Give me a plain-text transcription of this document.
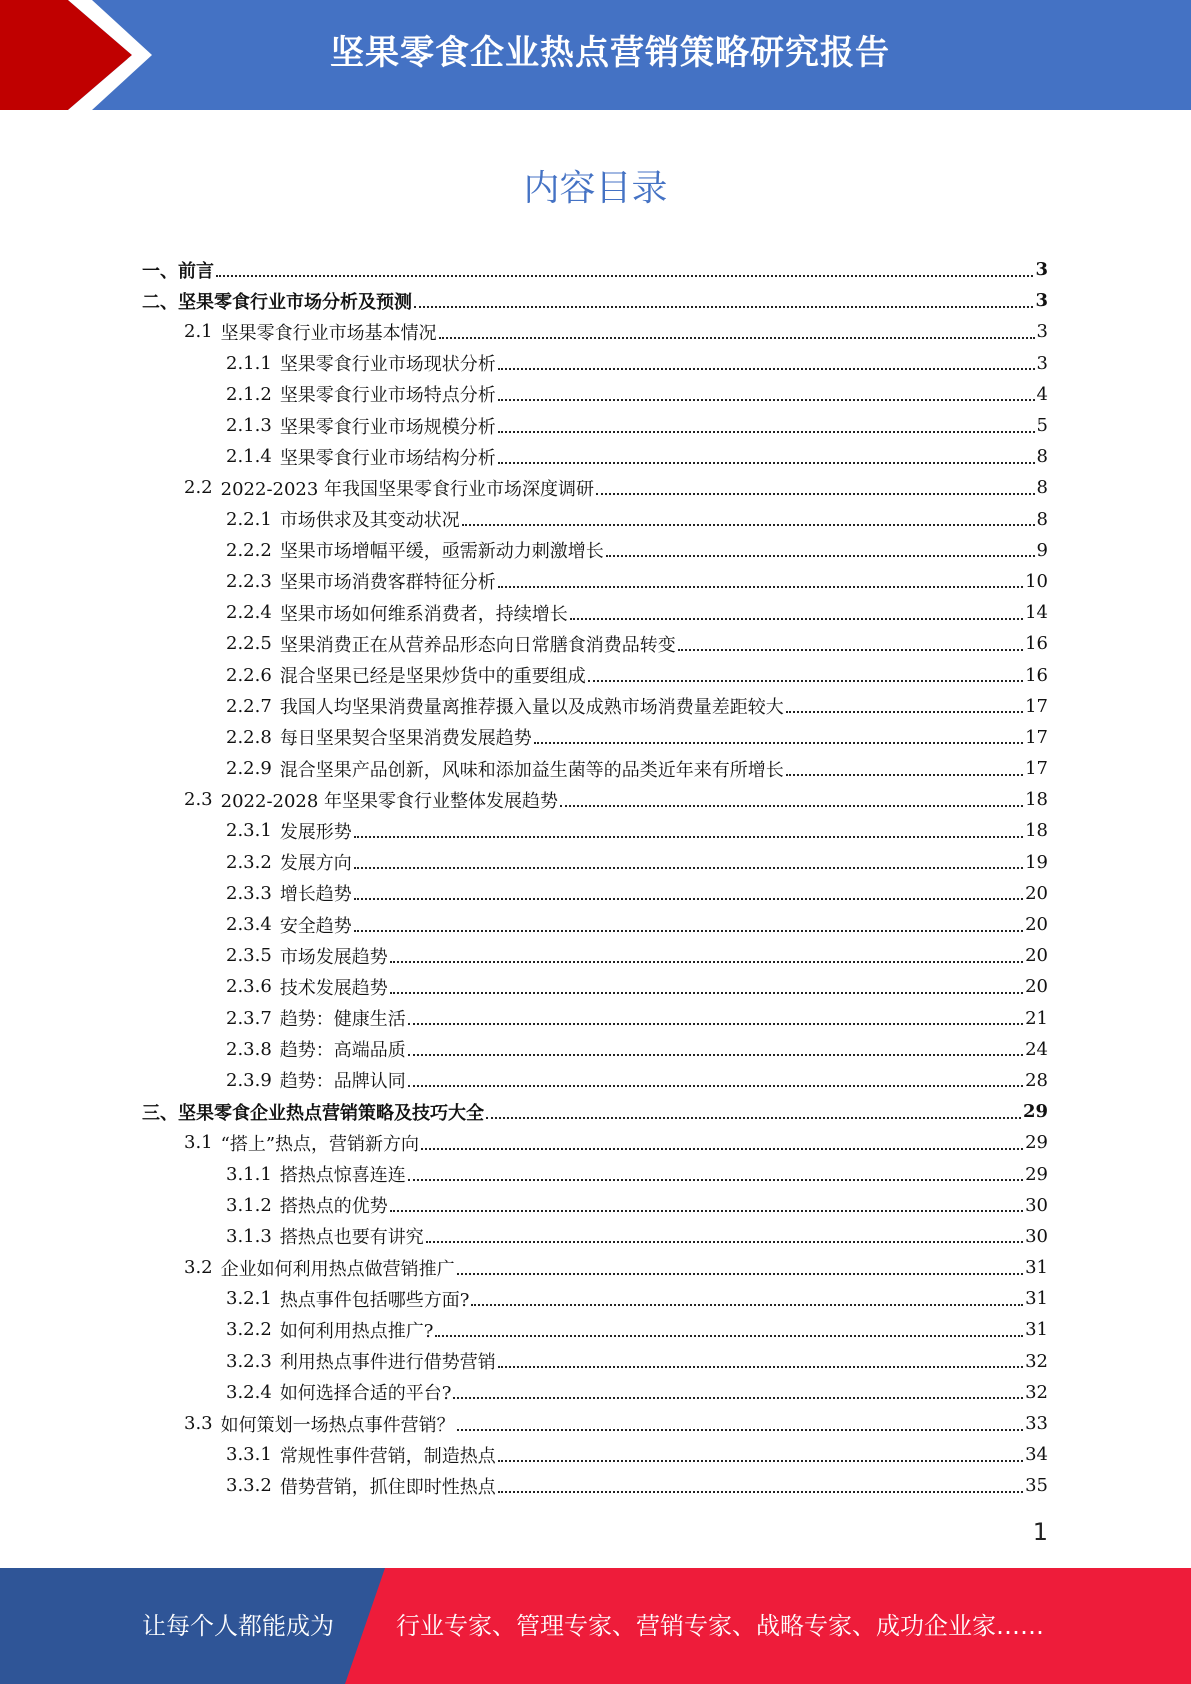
坚果零食企业热点营销策略研究报告
内容目录
一、 前言	3
二、 坚果零食行业市场分析及预测	3
2.1 坚果零食行业市场基本情况	3
2.1.1 坚果零食行业市场现状分析	3
2.1.2 坚果零食行业市场特点分析	4
2.1.3 坚果零食行业市场规模分析	5
2.1.4 坚果零食行业市场结构分析	8
2.2 2022-2023 年我国坚果零食行业市场深度调研	8
2.2.1 市场供求及其变动状况	8
2.2.2 坚果市场增幅平缓，亟需新动力刺激增长	9
2.2.3 坚果市场消费客群特征分析	10
2.2.4 坚果市场如何维系消费者，持续增长	14
2.2.5 坚果消费正在从营养品形态向日常膳食消费品转变	16
2.2.6 混合坚果已经是坚果炒货中的重要组成	16
2.2.7 我国人均坚果消费量离推荐摄入量以及成熟市场消费量差距较大	17
2.2.8 每日坚果契合坚果消费发展趋势	17
2.2.9 混合坚果产品创新，风味和添加益生菌等的品类近年来有所增长	17
2.3 2022-2028 年坚果零食行业整体发展趋势	18
2.3.1 发展形势	18
2.3.2 发展方向	19
2.3.3 增长趋势	20
2.3.4 安全趋势	20
2.3.5 市场发展趋势	20
2.3.6 技术发展趋势	20
2.3.7 趋势：健康生活	21
2.3.8 趋势：高端品质	24
2.3.9 趋势：品牌认同	28
三、 坚果零食企业热点营销策略及技巧大全	29
3.1 “搭上”热点，营销新方向	29
3.1.1 搭热点惊喜连连	29
3.1.2 搭热点的优势	30
3.1.3 搭热点也要有讲究	30
3.2 企业如何利用热点做营销推广	31
3.2.1 热点事件包括哪些方面?	31
3.2.2 如何利用热点推广?	31
3.2.3 利用热点事件进行借势营销	32
3.2.4 如何选择合适的平台?	32
3.3 如何策划一场热点事件营销？	33
3.3.1 常规性事件营销，制造热点	34
3.3.2 借势营销，抓住即时性热点	35
1
让每个人都能成为	行业专家、管理专家、营销专家、战略专家、成功企业家……
